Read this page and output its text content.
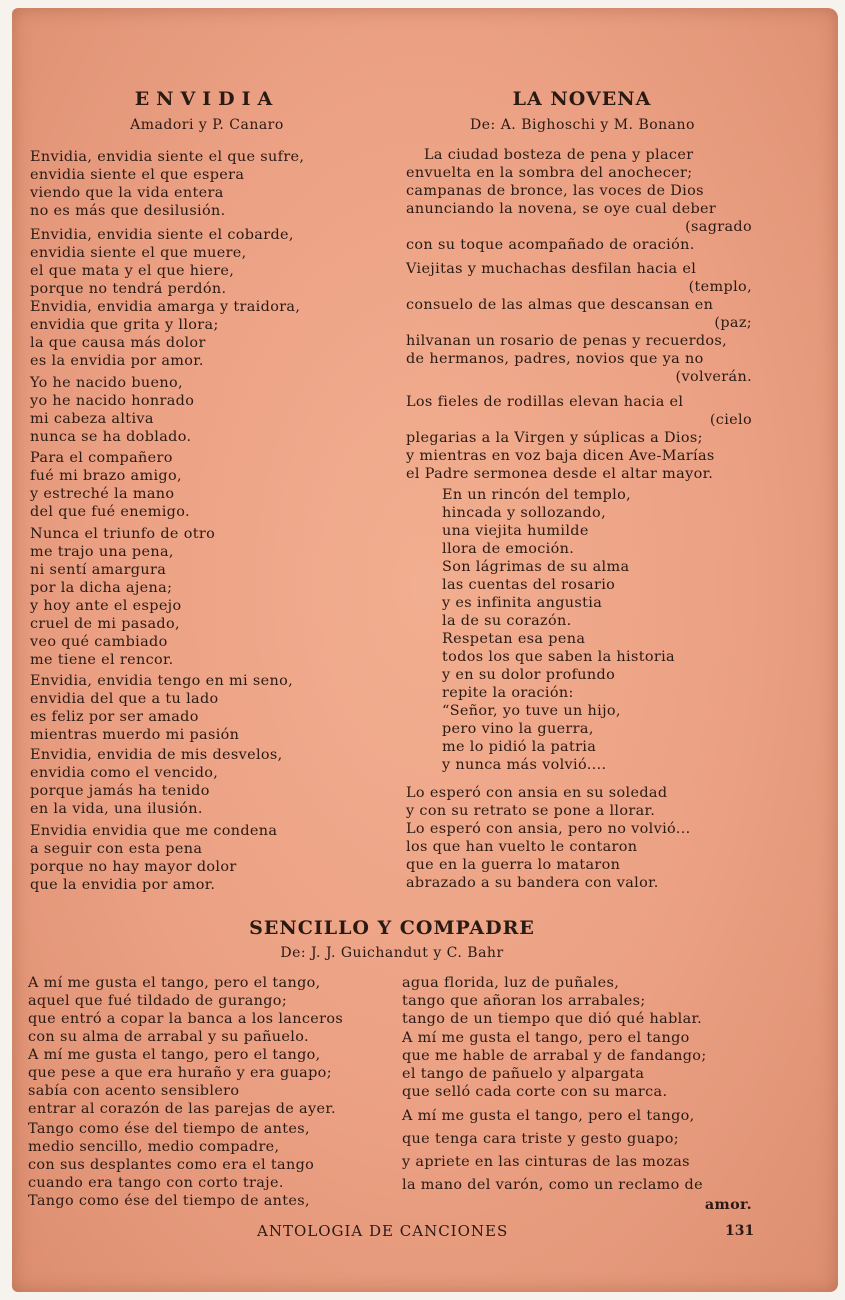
ENVIDIA
Amadori y P. Canaro
Envidia, envidia siente el que sufre,
envidia siente el que espera
viendo que la vida entera
no es más que desilusión.
Envidia, envidia siente el cobarde,
envidia siente el que muere,
el que mata y el que hiere,
porque no tendrá perdón.
Envidia, envidia amarga y traidora,
envidia que grita y llora;
la que causa más dolor
es la envidia por amor.
Yo he nacido bueno,
yo he nacido honrado
mi cabeza altiva
nunca se ha doblado.
Para el compañero
fué mi brazo amigo,
y estreché la mano
del que fué enemigo.
Nunca el triunfo de otro
me trajo una pena,
ni sentí amargura
por la dicha ajena;
y hoy ante el espejo
cruel de mi pasado,
veo qué cambiado
me tiene el rencor.
Envidia, envidia tengo en mi seno,
envidia del que a tu lado
es feliz por ser amado
mientras muerdo mi pasión
Envidia, envidia de mis desvelos,
envidia como el vencido,
porque jamás ha tenido
en la vida, una ilusión.
Envidia envidia que me condena
a seguir con esta pena
porque no hay mayor dolor
que la envidia por amor.
LA NOVENA
De: A. Bighoschi y M. Bonano
La ciudad bosteza de pena y placer
envuelta en la sombra del anochecer;
campanas de bronce, las voces de Dios
anunciando la novena, se oye cual deber
(sagrado
con su toque acompañado de oración.
Viejitas y muchachas desfilan hacia el
(templo,
consuelo de las almas que descansan en
(paz;
hilvanan un rosario de penas y recuerdos,
de hermanos, padres, novios que ya no
(volverán.
Los fieles de rodillas elevan hacia el
(cielo
plegarias a la Virgen y súplicas a Dios;
y mientras en voz baja dicen Ave-Marías
el Padre sermonea desde el altar mayor.
En un rincón del templo,
hincada y sollozando,
una viejita humilde
llora de emoción.
Son lágrimas de su alma
las cuentas del rosario
y es infinita angustia
la de su corazón.
Respetan esa pena
todos los que saben la historia
y en su dolor profundo
repite la oración:
“Señor, yo tuve un hijo,
pero vino la guerra,
me lo pidió la patria
y nunca más volvió....
Lo esperó con ansia en su soledad
y con su retrato se pone a llorar.
Lo esperó con ansia, pero no volvió...
los que han vuelto le contaron
que en la guerra lo mataron
abrazado a su bandera con valor.
SENCILLO Y COMPADRE
De: J. J. Guichandut y C. Bahr
A mí me gusta el tango, pero el tango,
aquel que fué tildado de gurango;
que entró a copar la banca a los lanceros
con su alma de arrabal y su pañuelo.
A mí me gusta el tango, pero el tango,
que pese a que era huraño y era guapo;
sabía con acento sensiblero
entrar al corazón de las parejas de ayer.
Tango como ése del tiempo de antes,
medio sencillo, medio compadre,
con sus desplantes como era el tango
cuando era tango con corto traje.
Tango como ése del tiempo de antes,
agua florida, luz de puñales,
tango que añoran los arrabales;
tango de un tiempo que dió qué hablar.
A mí me gusta el tango, pero el tango
que me hable de arrabal y de fandango;
el tango de pañuelo y alpargata
que selló cada corte con su marca.
A mí me gusta el tango, pero el tango,
que tenga cara triste y gesto guapo;
y apriete en las cinturas de las mozas
la mano del varón, como un reclamo de
amor.
ANTOLOGIA DE CANCIONES	131
